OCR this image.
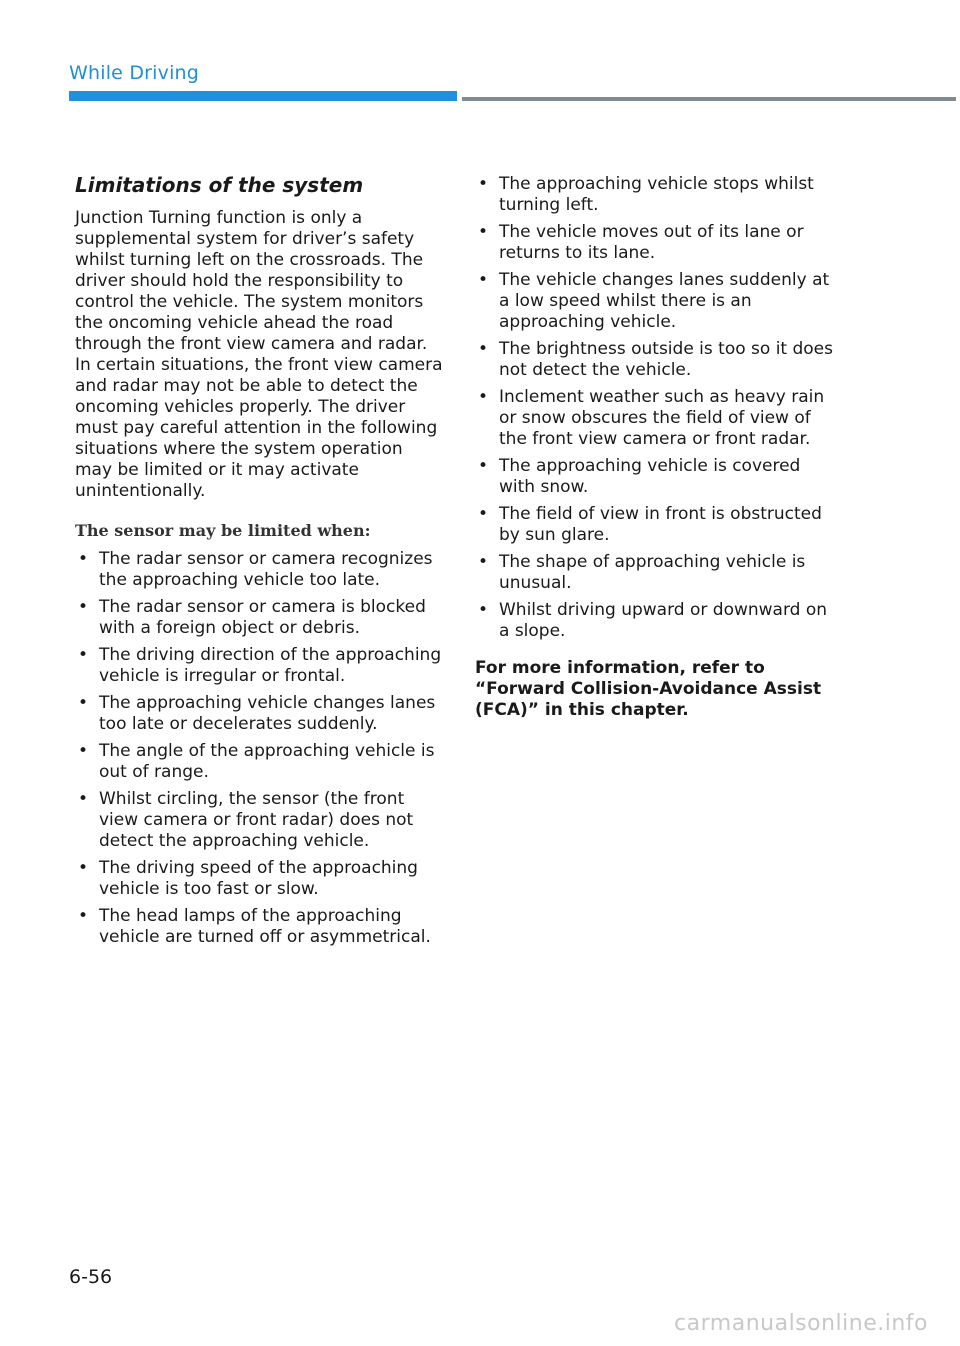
While Driving
Limitations of the system
Junction Turning function is only a supplemental system for driver’s safety whilst turning left on the crossroads. The driver should hold the responsibility to control the vehicle. The system monitors the oncoming vehicle ahead the road through the front view camera and radar. In certain situations, the front view camera and radar may not be able to detect the oncoming vehicles properly. The driver must pay careful attention in the following situations where the system operation may be limited or it may activate unintentionally.
The sensor may be limited when:
• The radar sensor or camera recognizes the approaching vehicle too late.
• The radar sensor or camera is blocked with a foreign object or debris.
• The driving direction of the approaching vehicle is irregular or frontal.
• The approaching vehicle changes lanes too late or decelerates suddenly.
• The angle of the approaching vehicle is out of range.
• Whilst circling, the sensor (the front view camera or front radar) does not detect the approaching vehicle.
• The driving speed of the approaching vehicle is too fast or slow.
• The head lamps of the approaching vehicle are turned off or asymmetrical.
• The approaching vehicle stops whilst turning left.
• The vehicle moves out of its lane or returns to its lane.
• The vehicle changes lanes suddenly at a low speed whilst there is an approaching vehicle.
• The brightness outside is too so it does not detect the vehicle.
• Inclement weather such as heavy rain or snow obscures the field of view of the front view camera or front radar.
• The approaching vehicle is covered with snow.
• The field of view in front is obstructed by sun glare.
• The shape of approaching vehicle is unusual.
• Whilst driving upward or downward on a slope.
For more information, refer to “Forward Collision-Avoidance Assist (FCA)” in this chapter.
6-56
carmanualsonline.info
